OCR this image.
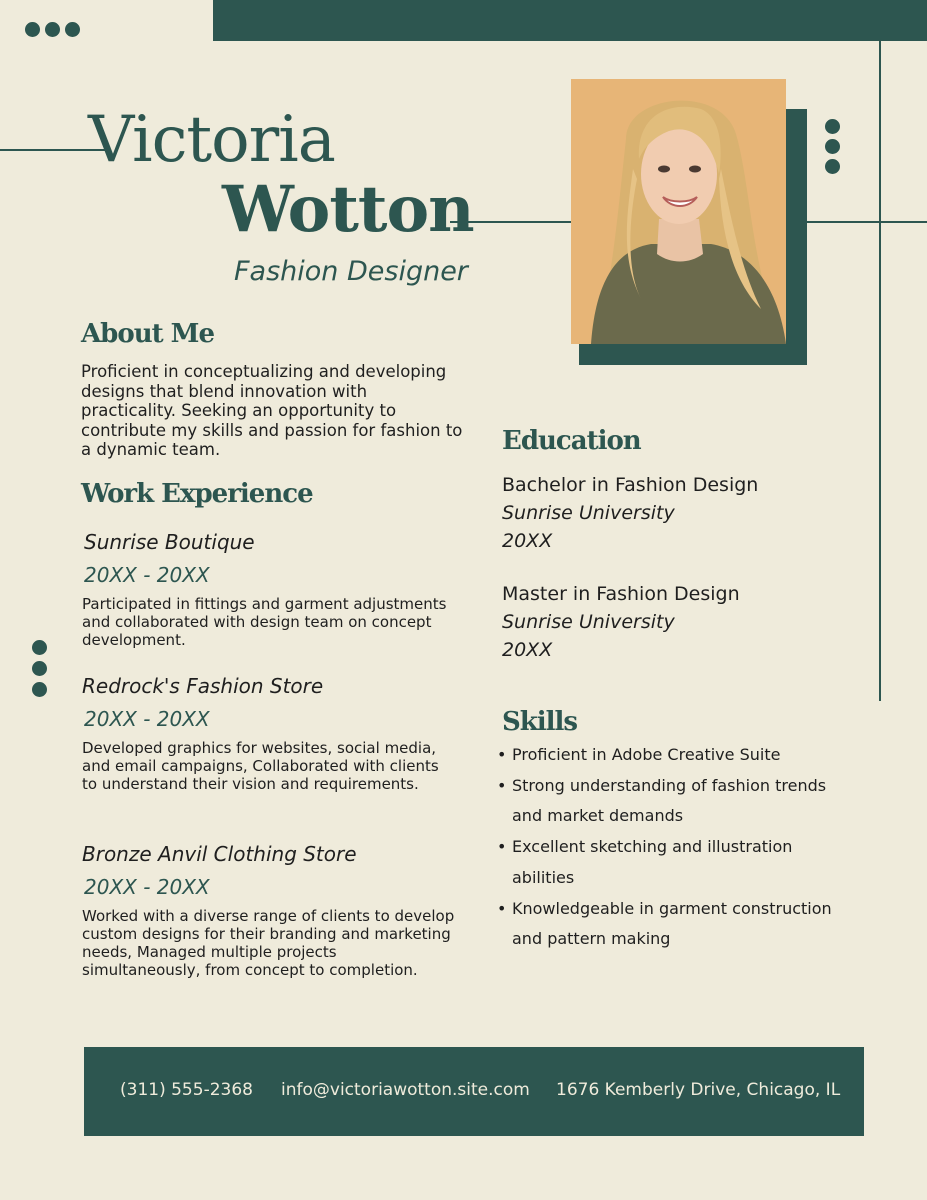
Victoria
Wotton
Fashion Designer
About Me
Proficient in conceptualizing and developing designs that blend innovation with practicality. Seeking an opportunity to contribute my skills and passion for fashion to a dynamic team.
Work Experience
Sunrise Boutique
20XX - 20XX
Participated in fittings and garment adjustments and collaborated with design team on concept development.
Redrock's Fashion Store
20XX - 20XX
Developed graphics for websites, social media, and email campaigns, Collaborated with clients to understand their vision and requirements.
Bronze Anvil Clothing Store
20XX - 20XX
Worked with a diverse range of clients to develop custom designs for their branding and marketing needs, Managed multiple projects simultaneously, from concept to completion.
Education
Bachelor in Fashion Design
Sunrise University
20XX
Master in Fashion Design
Sunrise University
20XX
Skills
• Proficient in Adobe Creative Suite
• Strong understanding of fashion trends and market demands
• Excellent sketching and illustration abilities
• Knowledgeable in garment construction and pattern making
(311) 555-2368 info@victoriawotton.site.com 1676 Kemberly Drive, Chicago, IL
